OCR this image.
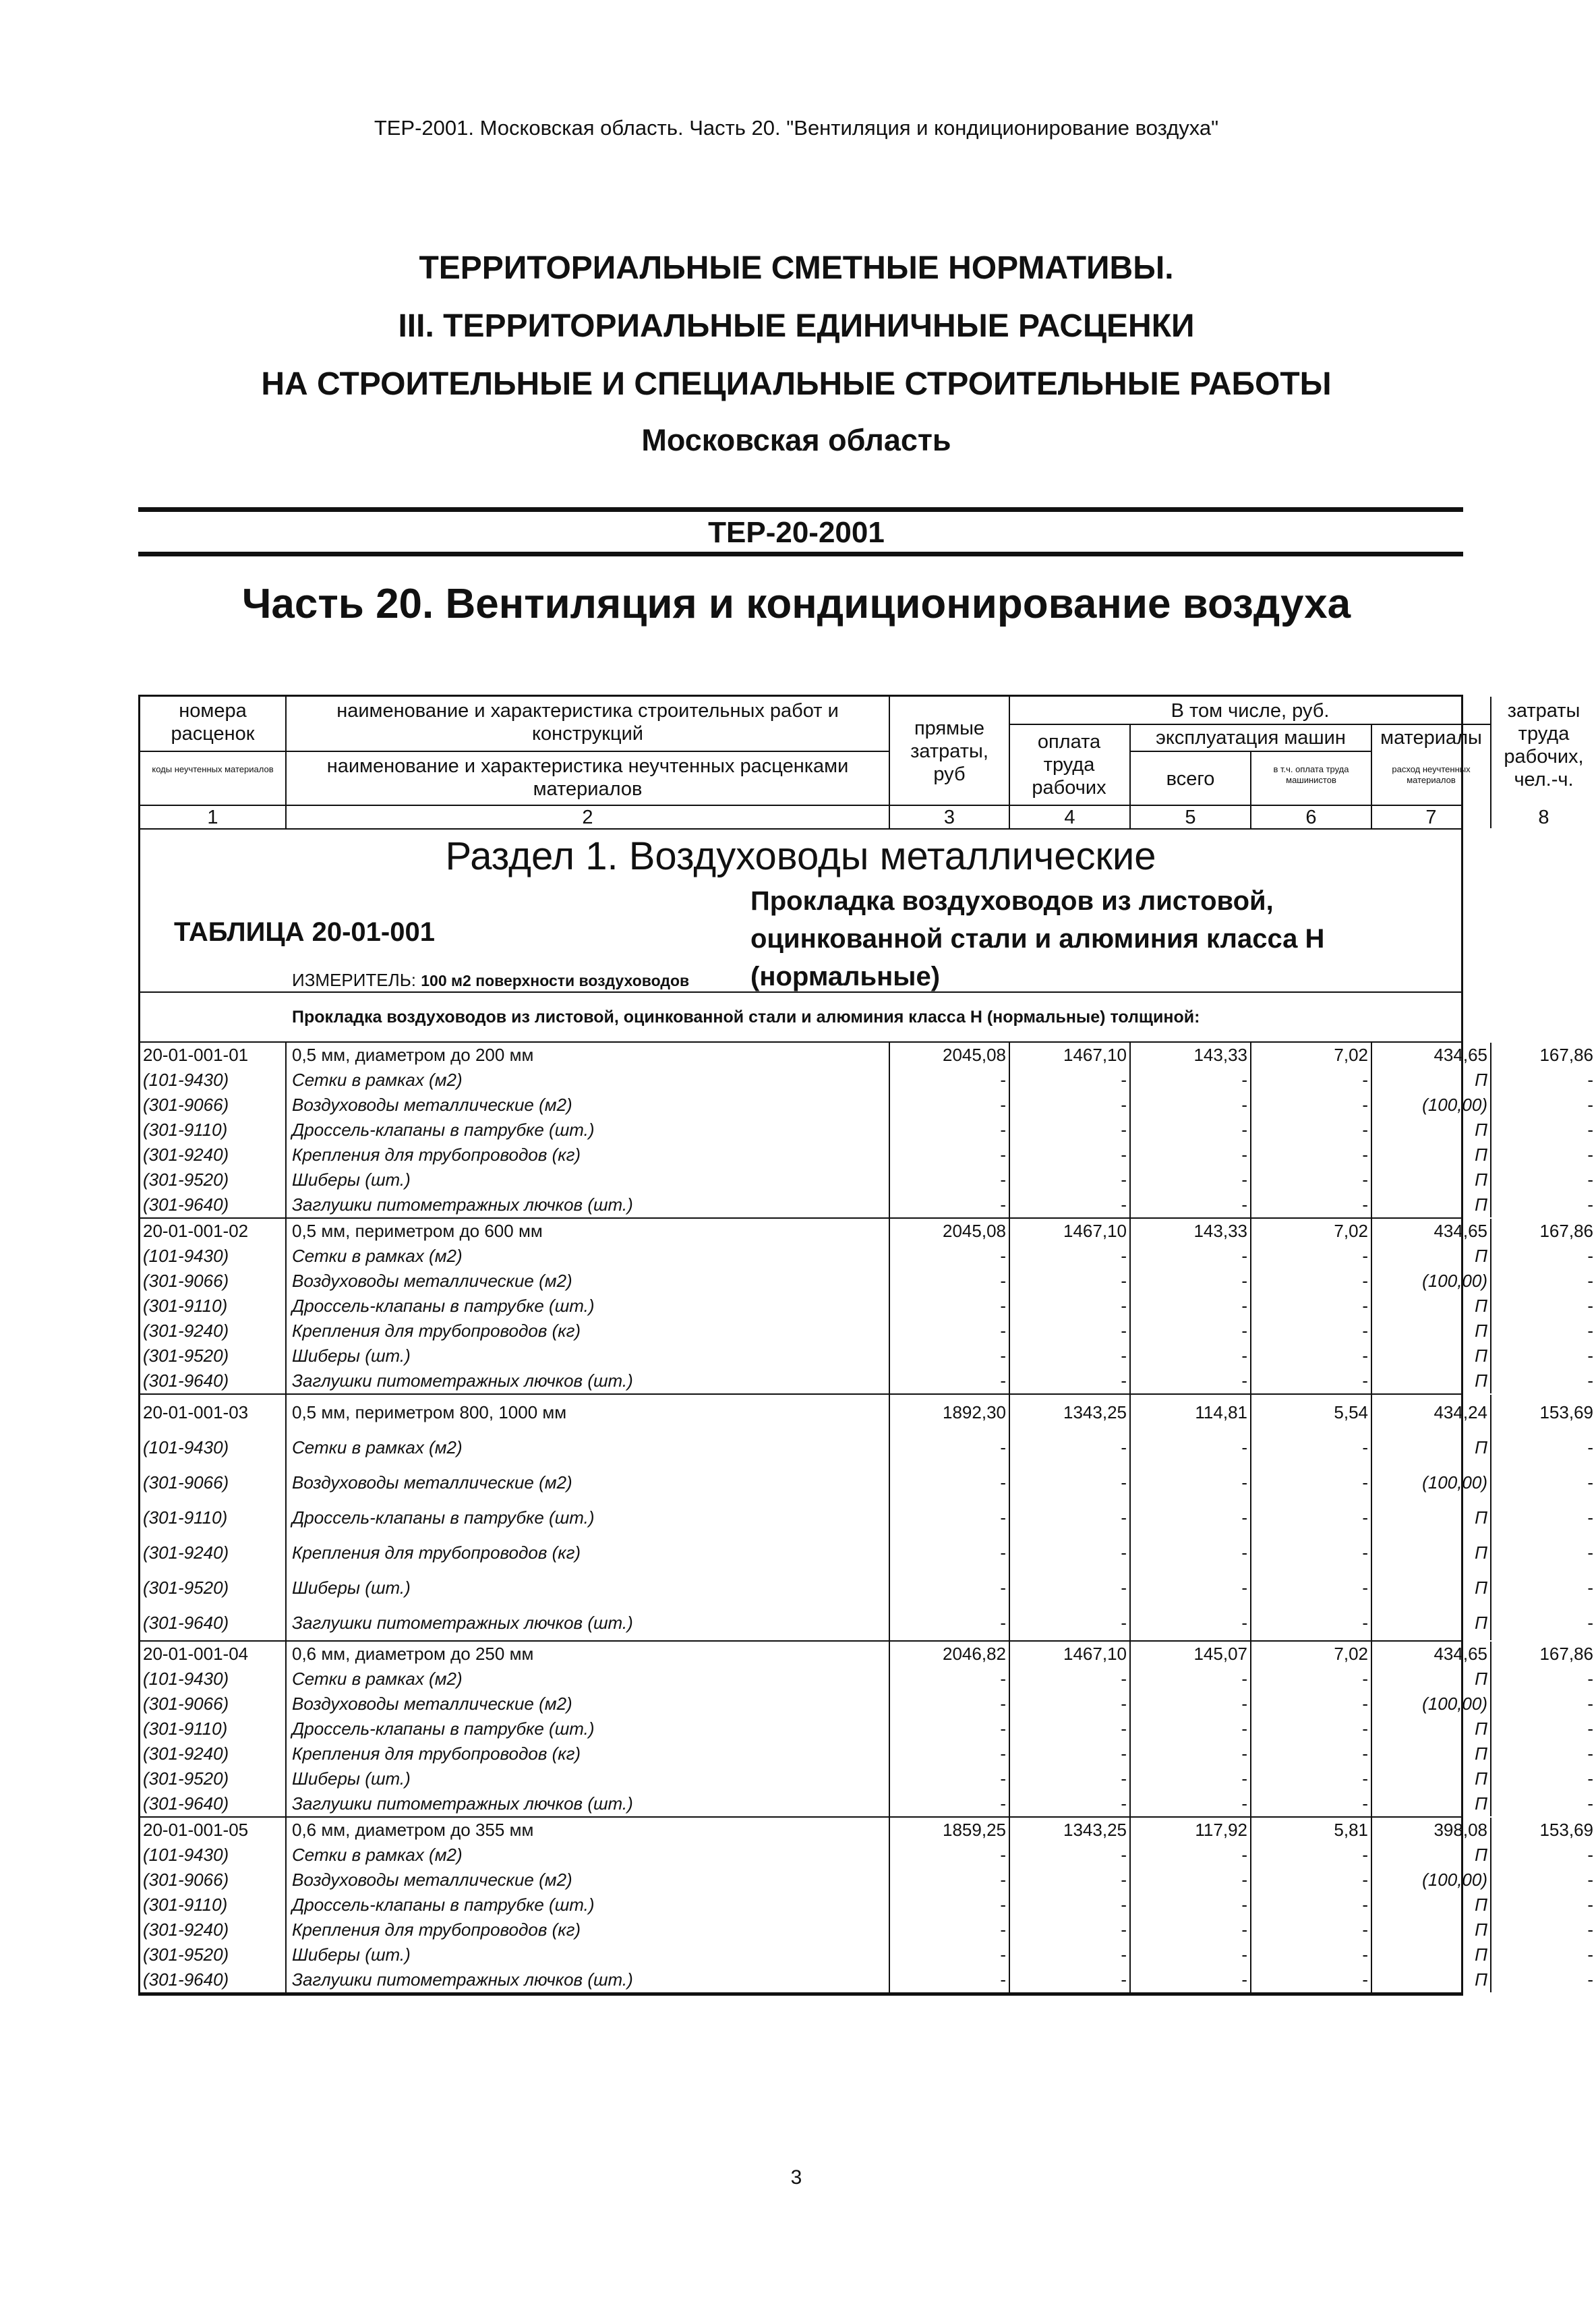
ТЕР-2001. Московская область. Часть 20. "Вентиляция и кондиционирование воздуха"
ТЕРРИТОРИАЛЬНЫЕ СМЕТНЫЕ НОРМАТИВЫ.
III. ТЕРРИТОРИАЛЬНЫЕ ЕДИНИЧНЫЕ РАСЦЕНКИ
НА СТРОИТЕЛЬНЫЕ И СПЕЦИАЛЬНЫЕ СТРОИТЕЛЬНЫЕ РАБОТЫ
Московская область
ТЕР-20-2001
Часть 20. Вентиляция и кондиционирование воздуха
номера расценок
коды неучтенных материалов
наименование и характеристика строительных работ и конструкций
наименование и характеристика неучтенных расценками материалов
прямые затраты, руб
В том числе, руб.
оплата труда рабочих
эксплуатация машин
всего	в т.ч. оплата труда машинистов
материалы
расход неучтенных материалов
затраты труда рабочих, чел.-ч.
1	2	3	4	5	6	7	8
Раздел 1. Воздуховоды металлические
ТАБЛИЦА 20-01-001
Прокладка воздуховодов из листовой, оцинкованной стали и алюминия класса Н (нормальные)
ИЗМЕРИТЕЛЬ: 100 м2 поверхности воздуховодов
Прокладка воздуховодов из листовой, оцинкованной стали и алюминия класса Н (нормальные) толщиной:
20-01-001-01	0,5 мм, диаметром до 200 мм	2045,08	1467,10	143,33	7,02	434,65	167,86
(101-9430)	Сетки в рамках (м2)	-	-	-	-	П	-
(301-9066)	Воздуховоды металлические (м2)	-	-	-	-	(100,00)	-
(301-9110)	Дроссель-клапаны в патрубке (шт.)	-	-	-	-	П	-
(301-9240)	Крепления для трубопроводов (кг)	-	-	-	-	П	-
(301-9520)	Шиберы (шт.)	-	-	-	-	П	-
(301-9640)	Заглушки питометражных лючков (шт.)	-	-	-	-	П	-
20-01-001-02	0,5 мм, периметром до 600 мм	2045,08	1467,10	143,33	7,02	434,65	167,86
(101-9430)	Сетки в рамках (м2)	-	-	-	-	П	-
(301-9066)	Воздуховоды металлические (м2)	-	-	-	-	(100,00)	-
(301-9110)	Дроссель-клапаны в патрубке (шт.)	-	-	-	-	П	-
(301-9240)	Крепления для трубопроводов (кг)	-	-	-	-	П	-
(301-9520)	Шиберы (шт.)	-	-	-	-	П	-
(301-9640)	Заглушки питометражных лючков (шт.)	-	-	-	-	П	-
20-01-001-03	0,5 мм, периметром 800, 1000 мм	1892,30	1343,25	114,81	5,54	434,24	153,69
(101-9430)	Сетки в рамках (м2)	-	-	-	-	П	-
(301-9066)	Воздуховоды металлические (м2)	-	-	-	-	(100,00)	-
(301-9110)	Дроссель-клапаны в патрубке (шт.)	-	-	-	-	П	-
(301-9240)	Крепления для трубопроводов (кг)	-	-	-	-	П	-
(301-9520)	Шиберы (шт.)	-	-	-	-	П	-
(301-9640)	Заглушки питометражных лючков (шт.)	-	-	-	-	П	-
20-01-001-04	0,6 мм, диаметром до 250 мм	2046,82	1467,10	145,07	7,02	434,65	167,86
(101-9430)	Сетки в рамках (м2)	-	-	-	-	П	-
(301-9066)	Воздуховоды металлические (м2)	-	-	-	-	(100,00)	-
(301-9110)	Дроссель-клапаны в патрубке (шт.)	-	-	-	-	П	-
(301-9240)	Крепления для трубопроводов (кг)	-	-	-	-	П	-
(301-9520)	Шиберы (шт.)	-	-	-	-	П	-
(301-9640)	Заглушки питометражных лючков (шт.)	-	-	-	-	П	-
20-01-001-05	0,6 мм, диаметром до 355 мм	1859,25	1343,25	117,92	5,81	398,08	153,69
(101-9430)	Сетки в рамках (м2)	-	-	-	-	П	-
(301-9066)	Воздуховоды металлические (м2)	-	-	-	-	(100,00)	-
(301-9110)	Дроссель-клапаны в патрубке (шт.)	-	-	-	-	П	-
(301-9240)	Крепления для трубопроводов (кг)	-	-	-	-	П	-
(301-9520)	Шиберы (шт.)	-	-	-	-	П	-
(301-9640)	Заглушки питометражных лючков (шт.)	-	-	-	-	П	-
3
